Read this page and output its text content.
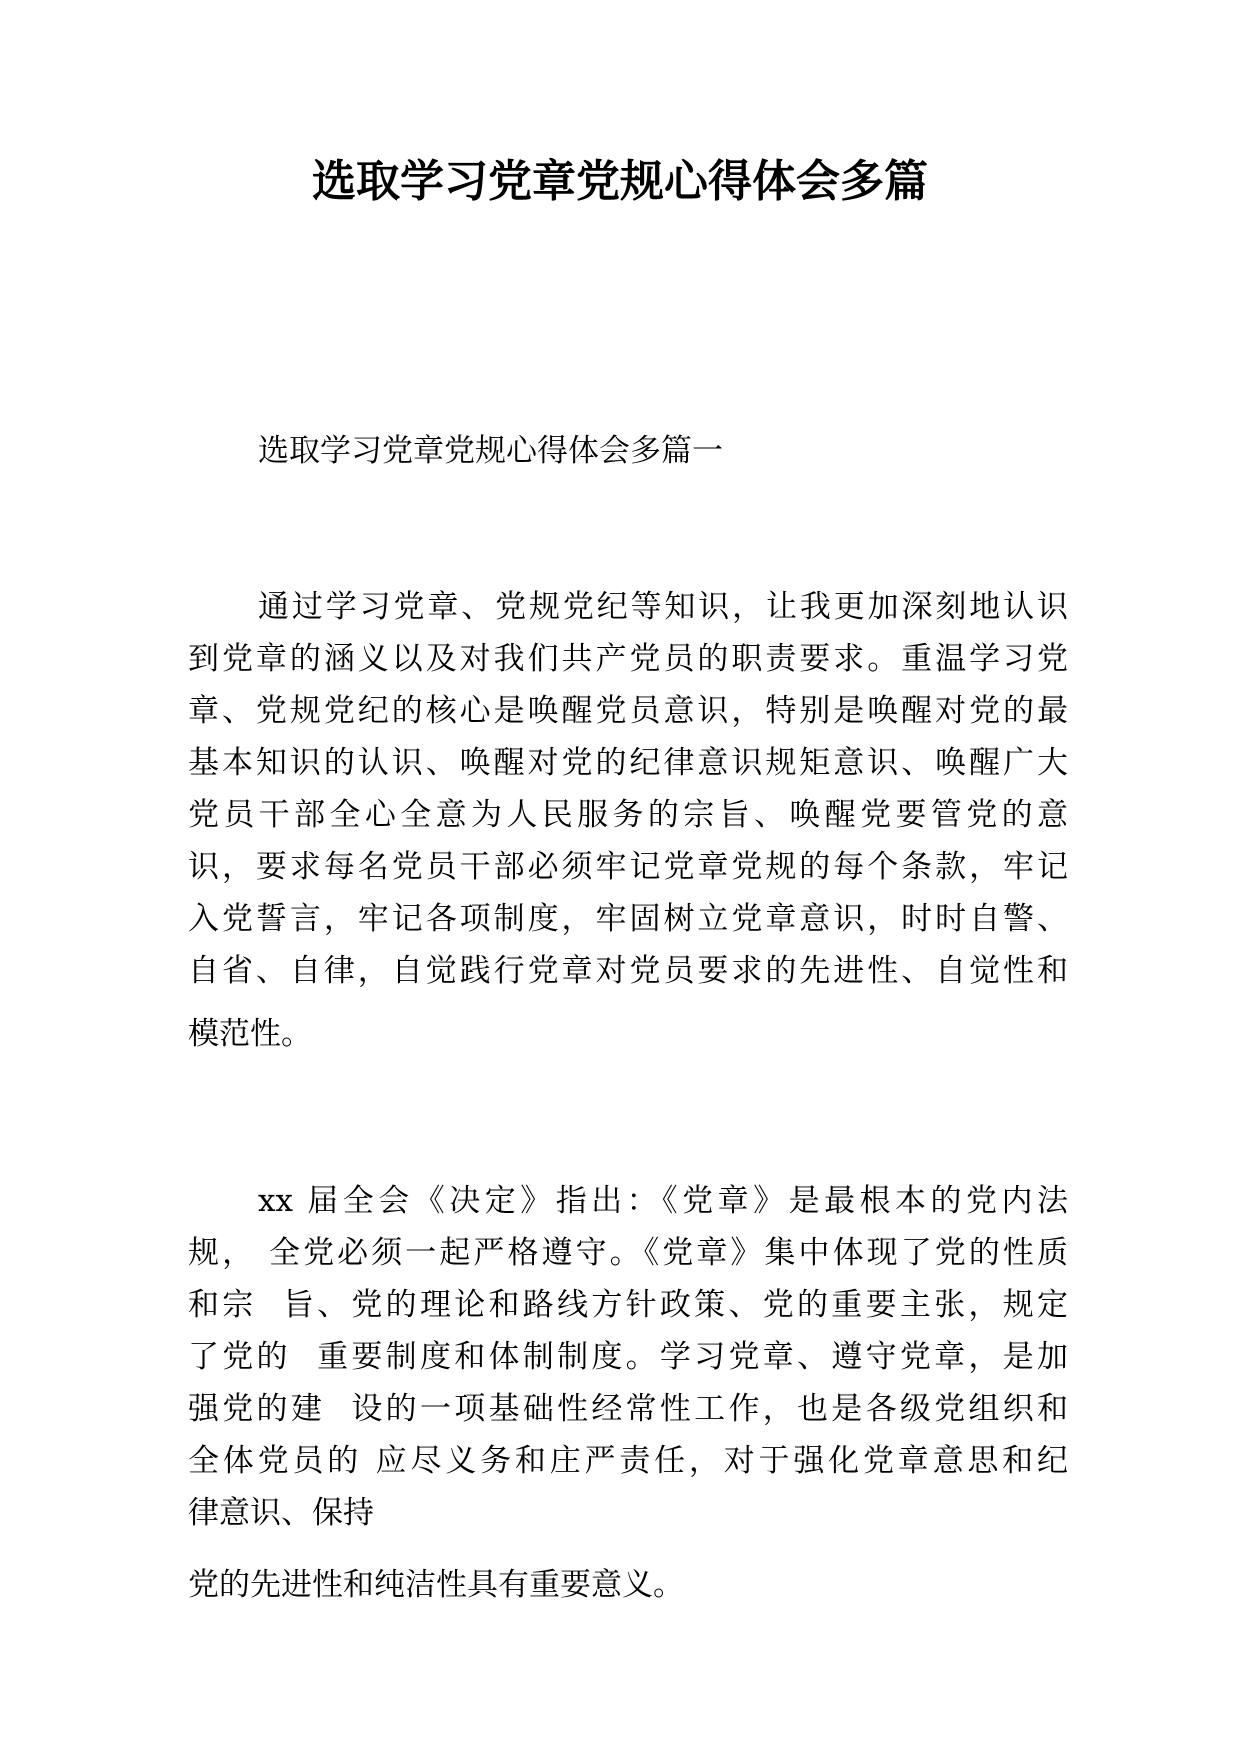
选取学习党章党规心得体会多篇

选取学习党章党规心得体会多篇一

通过学习党章、党规党纪等知识，让我更加深刻地认识

到党章的涵义以及对我们共产党员的职责要求。重温学习党

章、党规党纪的核心是唤醒党员意识，特别是唤醒对党的最

基本知识的认识、唤醒对党的纪律意识规矩意识、唤醒广大

党员干部全心全意为人民服务的宗旨、唤醒党要管党的意

识，要求每名党员干部必须牢记党章党规的每个条款，牢记

入党誓言，牢记各项制度，牢固树立党章意识，时时自警、

自省、自律，自觉践行党章对党员要求的先进性、自觉性和

模范性。

xx 届全会《决定》指出：《党章》是最根本的党内法

规， 全党必须一起严格遵守。《党章》集中体现了党的性质

和宗  旨、党的理论和路线方针政策、党的重要主张，规定

了党的  重要制度和体制制度。学习党章、遵守党章，是加

强党的建  设的一项基础性经常性工作，也是各级党组织和

全体党员的 应尽义务和庄严责任，对于强化党章意思和纪

律意识、保持

党的先进性和纯洁性具有重要意义。
